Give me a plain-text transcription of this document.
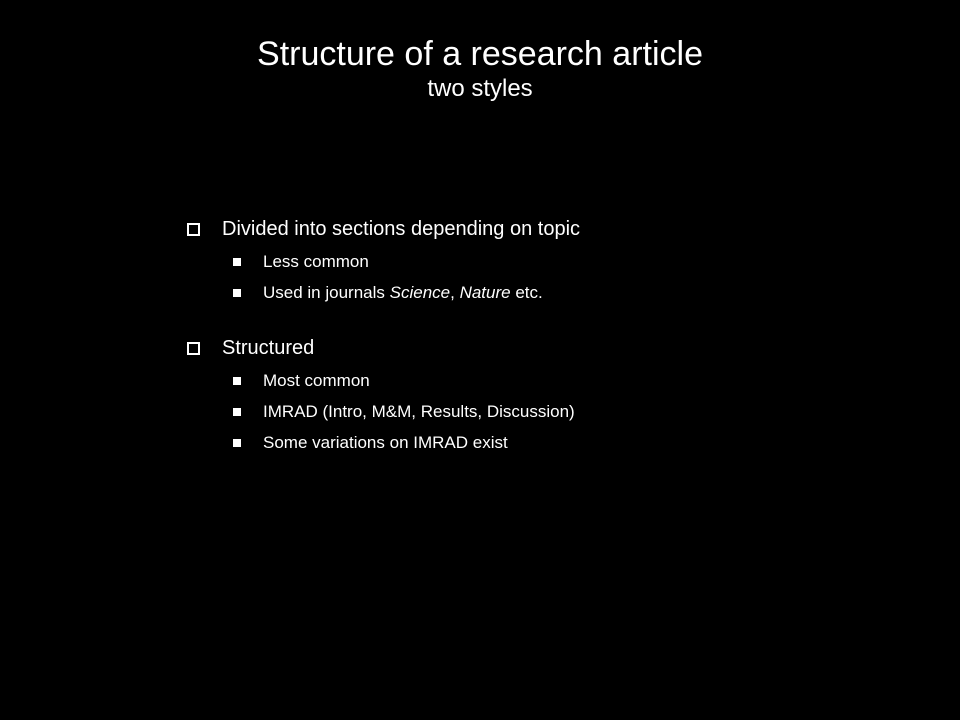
Structure of a research article
two styles
Divided into sections depending on topic
Less common
Used in journals Science, Nature etc.
Structured
Most common
IMRAD (Intro, M&M, Results, Discussion)
Some variations on IMRAD exist
